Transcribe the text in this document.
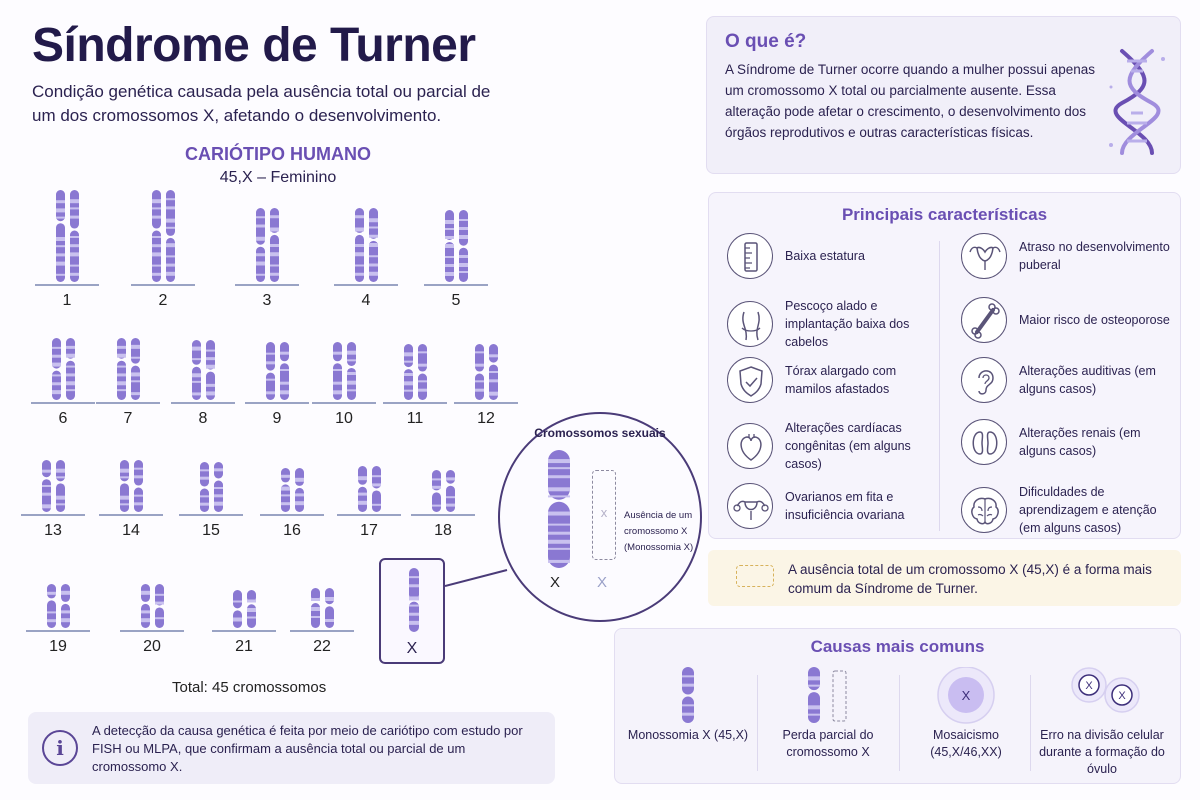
Síndrome de Turner
Condição genética causada pela ausência total ou parcial de um dos cromossomos X, afetando o desenvolvimento.
CARIÓTIPO HUMANO
45,X – Feminino
1	2	3	4	5
6	7	8	9	10	11	12
13	14	15	16	17	18
19	20	21	22	X
Cromossomos sexuais
X
x
X
Ausência de um cromossomo X (Monossomia X)
Total: 45 cromossomos
i
A detecção da causa genética é feita por meio de cariótipo com estudo por FISH ou MLPA, que confirmam a ausência total ou parcial de um cromossomo X.
O que é?
A Síndrome de Turner ocorre quando a mulher possui apenas um cromossomo X total ou parcialmente ausente. Essa alteração pode afetar o crescimento, o desenvolvimento dos órgãos reprodutivos e outras características físicas.
Principais características
Baixa estatura
Pescoço alado e implantação baixa dos cabelos
Tórax alargado com mamilos afastados
Alterações cardíacas congênitas (em alguns casos)
Ovarianos em fita e insuficiência ovariana
Atraso no desenvolvimento puberal
Maior risco de osteoporose
Alterações auditivas (em alguns casos)
Alterações renais (em alguns casos)
Dificuldades de aprendizagem e atenção (em alguns casos)
A ausência total de um cromossomo X (45,X) é a forma mais comum da Síndrome de Turner.
Causas mais comuns
Monossomia X (45,X)	Perda parcial do cromossomo X
X
Mosaicismo (45,X/46,XX)
X
X
Erro na divisão celular durante a formação do óvulo
